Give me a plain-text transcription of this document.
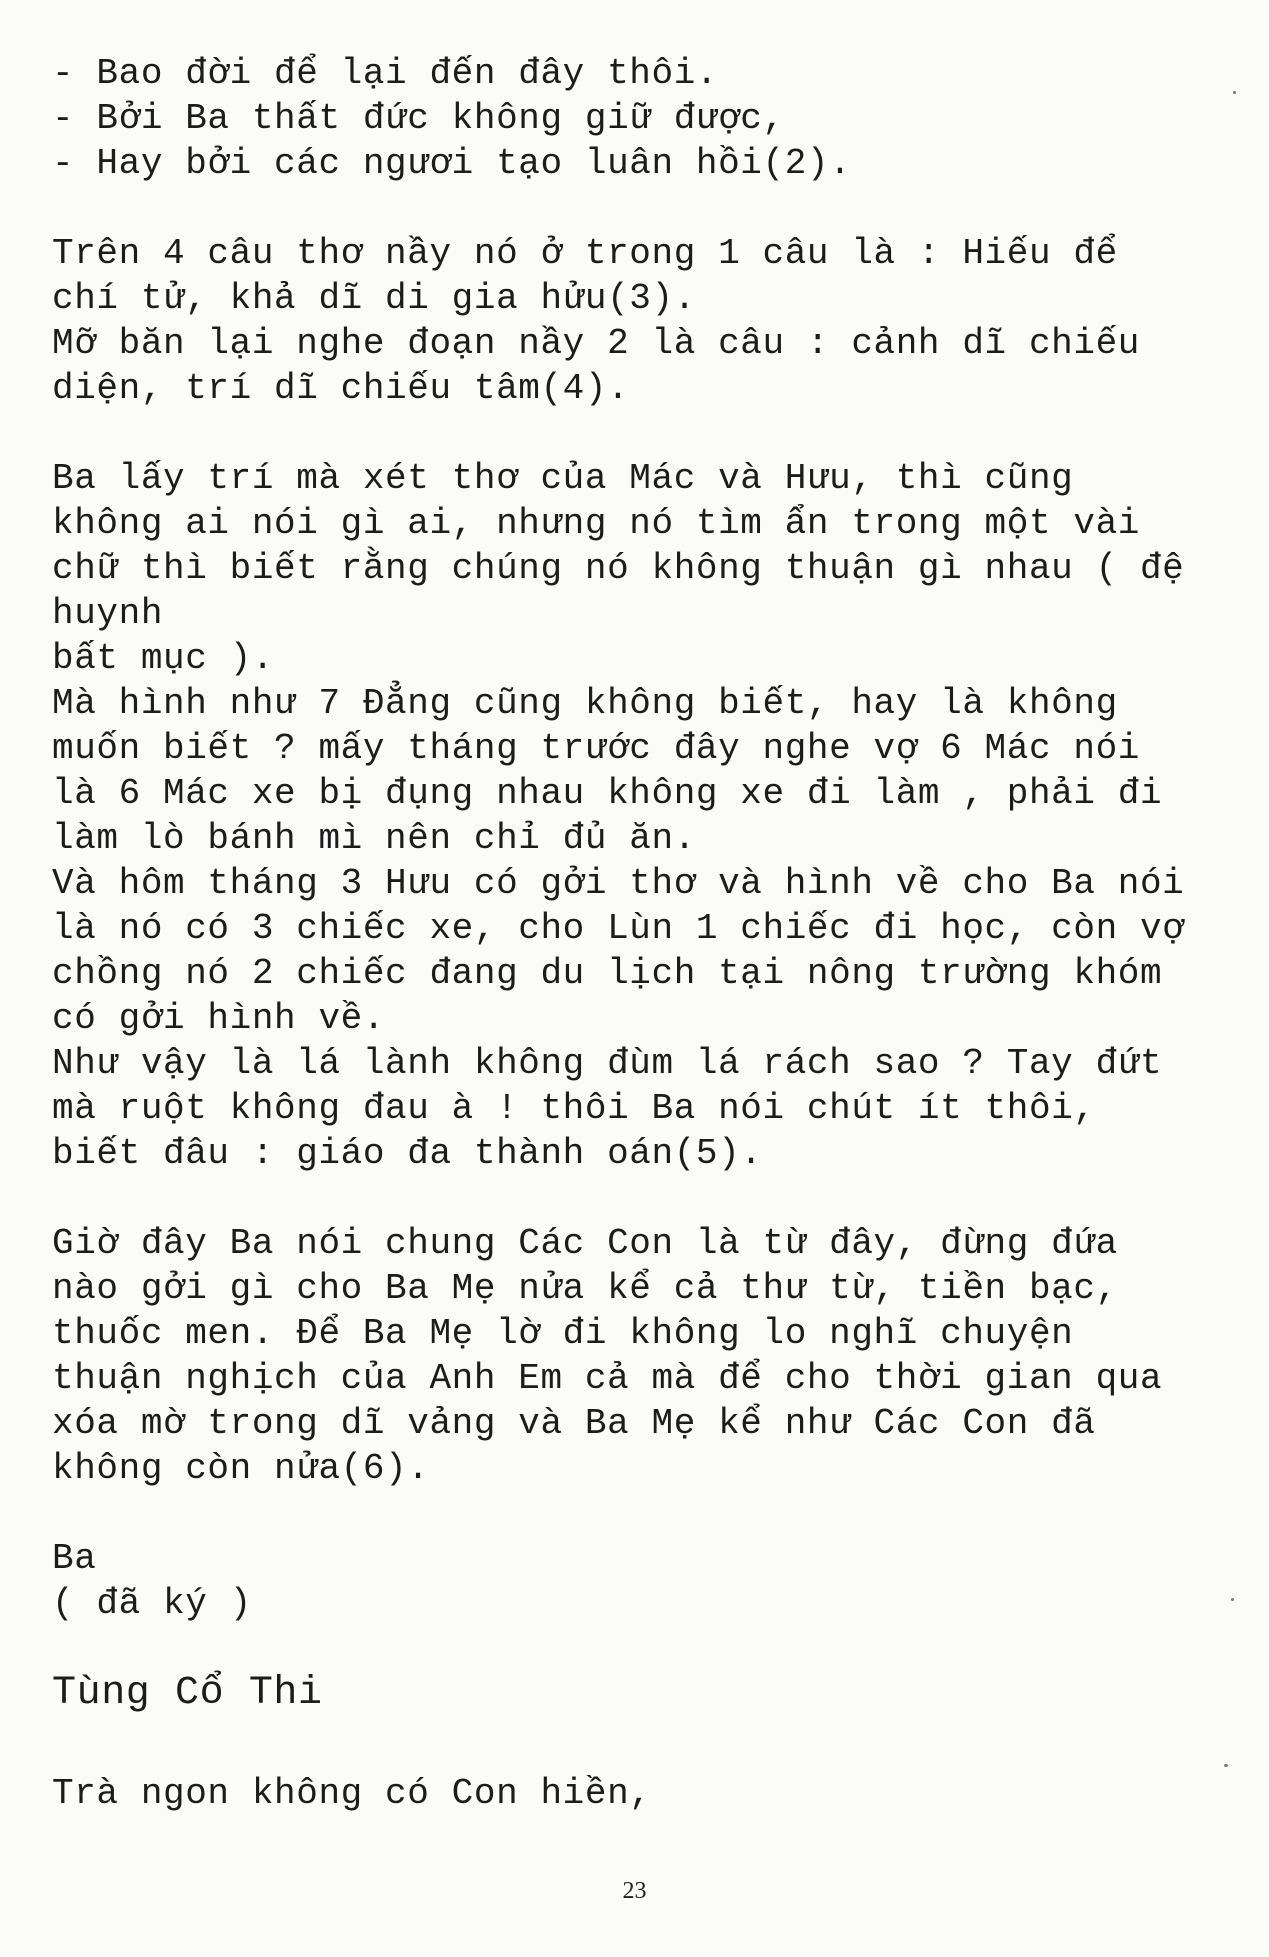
- Bao đời để lại đến đây thôi.
- Bởi Ba thất đức không giữ được,
- Hay bởi các ngươi tạo luân hồi(2).
Trên 4 câu thơ nầy nó ở trong 1 câu là : Hiếu để
chí tử, khả dĩ di gia hửu(3).
Mỡ băn lại nghe đoạn nầy 2 là câu : cảnh dĩ chiếu
diện, trí dĩ chiếu tâm(4).
Ba lấy trí mà xét thơ của Mác và Hưu, thì cũng
không ai nói gì ai, nhưng nó tìm ẩn trong một vài
chữ thì biết rằng chúng nó không thuận gì nhau ( đệ
huynh
bất mục ).
Mà hình như 7 Đẳng cũng không biết, hay là không
muốn biết ? mấy tháng trước đây nghe vợ 6 Mác nói
là 6 Mác xe bị đụng nhau không xe đi làm , phải đi
làm lò bánh mì nên chỉ đủ ăn.
Và hôm tháng 3 Hưu có gởi thơ và hình về cho Ba nói
là nó có 3 chiếc xe, cho Lùn 1 chiếc đi học, còn vợ
chồng nó 2 chiếc đang du lịch tại nông trường khóm
có gởi hình về.
Như vậy là lá lành không đùm lá rách sao ? Tay đứt
mà ruột không đau à ! thôi Ba nói chút ít thôi,
biết đâu : giáo đa thành oán(5).
Giờ đây Ba nói chung Các Con là từ đây, đừng đứa
nào gởi gì cho Ba Mẹ nửa kể cả thư từ, tiền bạc,
thuốc men. Để Ba Mẹ lờ đi không lo nghĩ chuyện
thuận nghịch của Anh Em cả mà để cho thời gian qua
xóa mờ trong dĩ vảng và Ba Mẹ kể như Các Con đã
không còn nửa(6).
Ba
( đã ký )
Tùng Cổ Thi
Trà ngon không có Con hiền,
23
